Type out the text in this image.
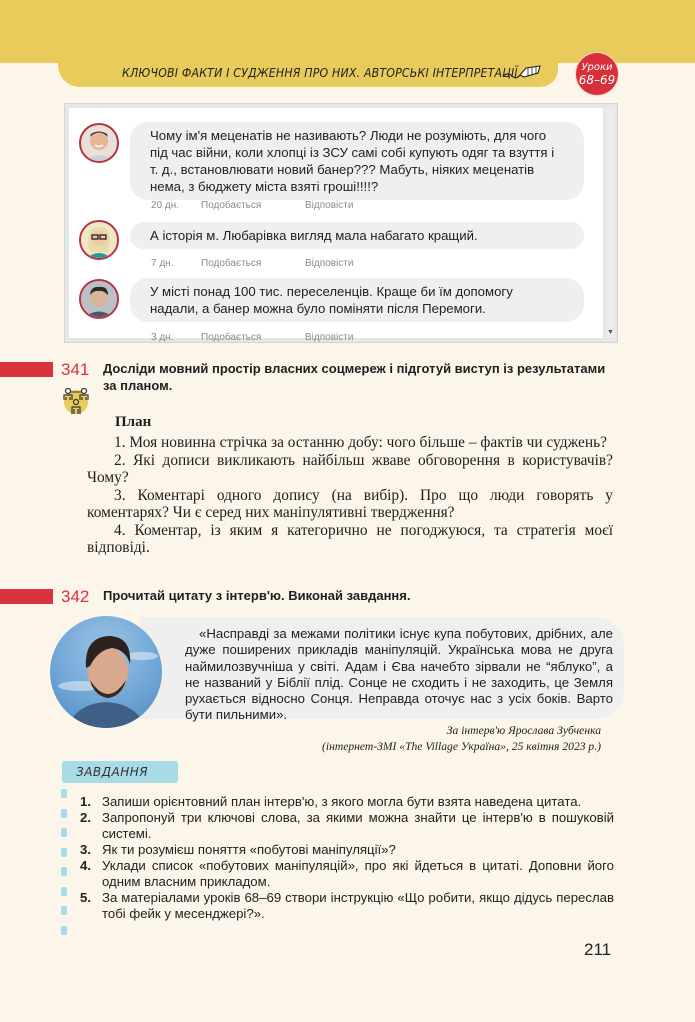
КЛЮЧОВІ ФАКТИ І СУДЖЕННЯ ПРО НИХ. АВТОРСЬКІ ІНТЕРПРЕТАЦІЇ	Уроки
68–69
Чому ім'я меценатів не називають? Люди не розуміють, для чого під час війни, коли хлопці із ЗСУ самі собі купують одяг та взуття і т. д., встановлювати новий банер??? Мабуть, ніяких меценатів нема, з бюджету міста взяті гроші!!!!?
20 дн. Подобається	Відповісти
А історія м. Любарівка вигляд мала набагато кращий.
7 дн.	Подобається	Відповісти
У місті понад 100 тис. переселенців. Краще би їм допомогу надали, а банер можна було поміняти після Перемоги.
3 дн.	Подобається	Відповісти	▼
341 Досліди мовний простір власних соцмереж і підготуй виступ із результатами за планом.
План

1. Моя новинна стрічка за останню добу: чого більше – фактів чи суджень?

2. Які дописи викликають найбільш жваве обговорення в користувачів? Чому?

3. Коментарі одного допису (на вибір). Про що люди говорять у коментарях? Чи є серед них маніпулятивні твердження?

4. Коментар, із яким я категорично не погоджуюся, та стратегія моєї відповіді.

342 Прочитай цитату з інтерв'ю. Виконай завдання.

«Насправді за межами політики існує купа побутових, дрібних, але дуже поширених прикладів маніпуляцій. Українська мова не друга наймилозвучніша у світі. Адам і Єва начебто зірвали не “яблуко”, а не названий у Біблії плід. Сонце не сходить і не заходить, це Земля рухається відносно Сонця. Неправда оточує нас з усіх боків. Варто бути пильними».

За інтерв'ю Ярослава Зубченка
(інтернет-ЗМІ «The Village Україна», 25 квітня 2023 р.)
ЗАВДАННЯ
1. Запиши орієнтовний план інтерв'ю, з якого могла бути взята наведена цитата.
2. Запропонуй три ключові слова, за якими можна знайти це інтерв'ю в пошуковій системі.
3. Як ти розумієш поняття «побутові маніпуляції»?
4. Уклади список «побутових маніпуляцій», про які йдеться в цитаті. Доповни його одним власним прикладом.
5. За матеріалами уроків 68–69 створи інструкцію «Що робити, якщо дідусь переслав тобі фейк у месенджері?».
211
